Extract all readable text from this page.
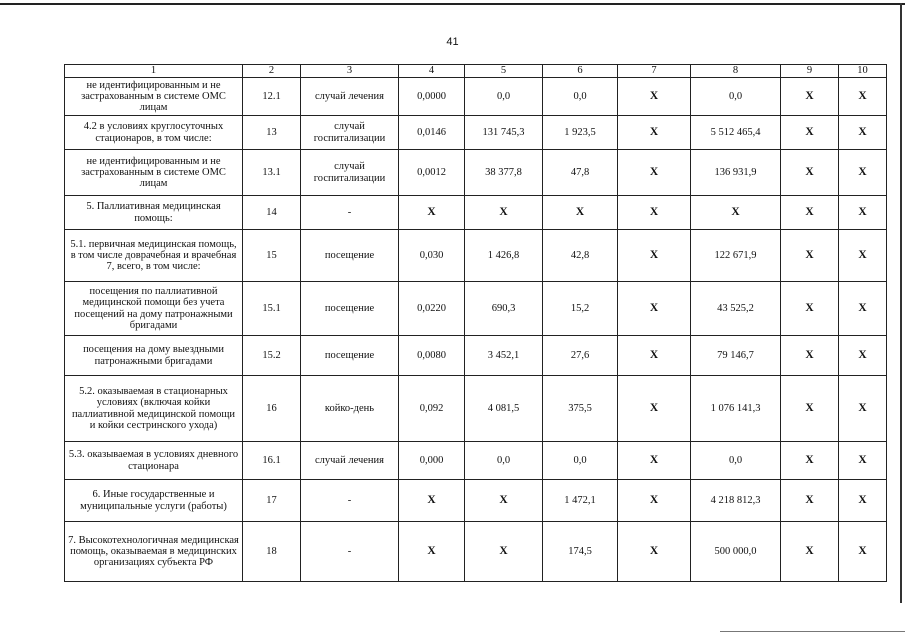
41
1	2	3	4	5	6	7	8	9	10
не идентифицированным и не застрахованным в системе ОМС лицам	12.1	случай лечения	0,0000	0,0	0,0	X	0,0	X	X
4.2 в условиях круглосуточных стационаров, в том числе:	13	случай госпитализации	0,0146	131 745,3	1 923,5	X	5 512 465,4	X	X
не идентифицированным и не застрахованным в системе ОМС лицам	13.1	случай госпитализации	0,0012	38 377,8	47,8	X	136 931,9	X	X
5. Паллиативная медицинская помощь:	14	-	X	X	X	X	X	X	X
5.1. первичная медицинская помощь, в том числе доврачебная и врачебная 7, всего, в том числе:	15	посещение	0,030	1 426,8	42,8	X	122 671,9	X	X
посещения по паллиативной медицинской помощи без учета посещений на дому патронажными бригадами	15.1	посещение	0,0220	690,3	15,2	X	43 525,2	X	X
посещения на дому выездными патронажными бригадами	15.2	посещение	0,0080	3 452,1	27,6	X	79 146,7	X	X
5.2. оказываемая в стационарных условиях (включая койки паллиативной медицинской помощи и койки сестринского ухода)	16	койко-день	0,092	4 081,5	375,5	X	1 076 141,3	X	X
5.3. оказываемая в условиях дневного стационара	16.1	случай лечения	0,000	0,0	0,0	X	0,0	X	X
6. Иные государственные и муниципальные услуги (работы)	17	-	X	X	1 472,1	X	4 218 812,3	X	X
7. Высокотехнологичная медицинская помощь, оказываемая в медицинских организациях субъекта РФ	18	-	X	X	174,5	X	500 000,0	X	X
